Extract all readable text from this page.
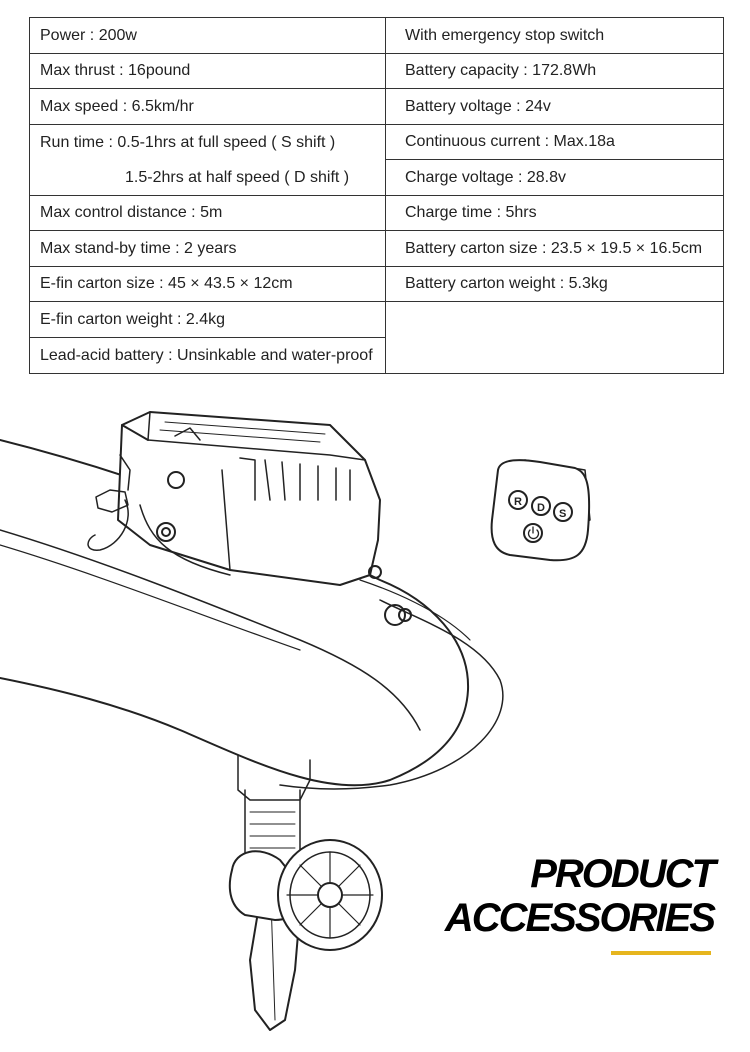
Power : 200w
Max thrust : 16pound
Max speed : 6.5km/hr
Run time : 0.5-1hrs at full speed ( S shift )
1.5-2hrs at half speed ( D shift )
Max control distance : 5m
Max stand-by time : 2 years
E-fin carton size : 45 × 43.5 × 12cm
E-fin carton weight : 2.4kg
Lead-acid battery : Unsinkable and water-proof
With emergency stop switch
Battery capacity : 172.8Wh
Battery voltage : 24v
Continuous current : Max.18a
Charge voltage : 28.8v
Charge time : 5hrs
Battery carton size : 23.5 × 19.5 × 16.5cm
Battery carton weight : 5.3kg
R D S
PRODUCT
ACCESSORIES
